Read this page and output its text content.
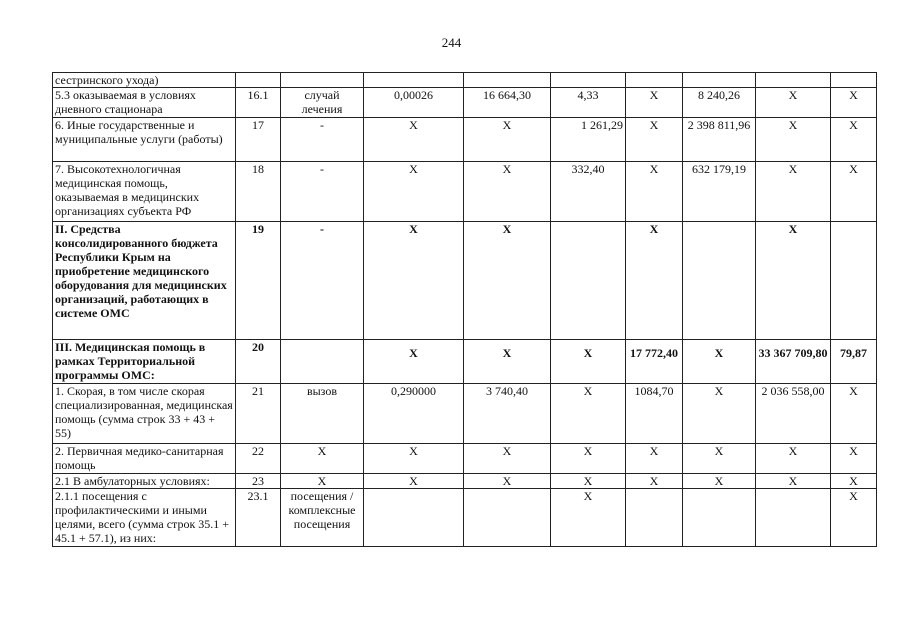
244
сестринского ухода)									
5.3 оказываемая в условиях дневного стационара	16.1	случай лечения	0,00026	16 664,30	4,33	X	8 240,26	X	X
6. Иные государственные и муниципальные услуги (работы)	17	-	X	X	1 261,29	X	2 398 811,96	X	X
7. Высокотехнологичная медицинская помощь, оказываемая в медицинских организациях субъекта РФ	18	-	X	X	332,40	X	632 179,19	X	X
II. Средства консолидированного бюджета Республики Крым на приобретение медицинского оборудования для медицинских организаций, работающих в системе ОМС	19	-	X	X		X		X	
III. Медицинская помощь в рамках Территориальной программы ОМС:	20		X	X	X	17 772,40	X	33 367 709,80	79,87
1. Скорая, в том числе скорая специализированная, медицинская помощь (сумма строк 33 + 43 + 55)	21	вызов	0,290000	3 740,40	X	1084,70	X	2 036 558,00	X
2. Первичная медико-санитарная помощь	22	X	X	X	X	X	X	X	X
2.1 В амбулаторных условиях:	23	X	X	X	X	X	X	X	X
2.1.1 посещения с профилактическими и иными целями, всего (сумма строк 35.1 + 45.1 + 57.1), из них:	23.1	посещения / комплексные посещения			X				X
